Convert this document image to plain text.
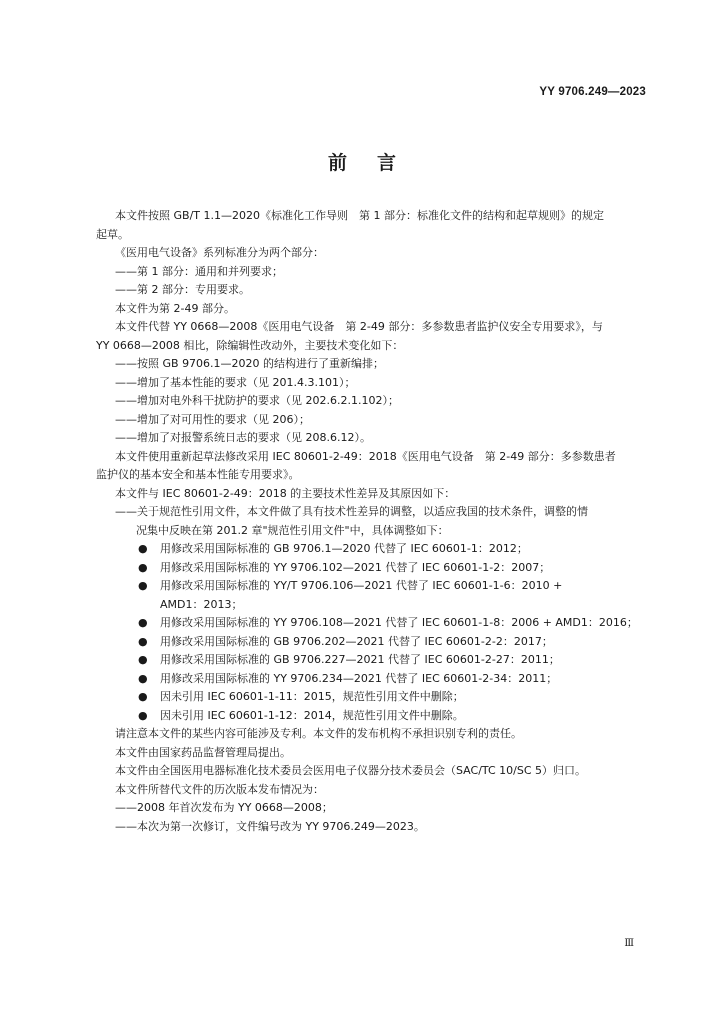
YY 9706.249—2023
前言
本文件按照 GB/T 1.1—2020《标准化工作导则　第 1 部分：标准化文件的结构和起草规则》的规定
起草。
《医用电气设备》系列标准分为两个部分：
——第 1 部分：通用和并列要求；
——第 2 部分：专用要求。
本文件为第 2-49 部分。
本文件代替 YY 0668—2008《医用电气设备　第 2-49 部分：多参数患者监护仪安全专用要求》，与
YY 0668—2008 相比，除编辑性改动外，主要技术变化如下：
——按照 GB 9706.1—2020 的结构进行了重新编排；
——增加了基本性能的要求（见 201.4.3.101）；
——增加对电外科干扰防护的要求（见 202.6.2.1.102）；
——增加了对可用性的要求（见 206）；
——增加了对报警系统日志的要求（见 208.6.12）。
本文件使用重新起草法修改采用 IEC 80601-2-49：2018《医用电气设备　第 2-49 部分：多参数患者
监护仪的基本安全和基本性能专用要求》。
本文件与 IEC 80601-2-49：2018 的主要技术性差异及其原因如下：
——关于规范性引用文件，本文件做了具有技术性差异的调整，以适应我国的技术条件，调整的情
况集中反映在第 201.2 章"规范性引用文件"中，具体调整如下：
● 用修改采用国际标准的 GB 9706.1—2020 代替了 IEC 60601-1：2012；
● 用修改采用国际标准的 YY 9706.102—2021 代替了 IEC 60601-1-2：2007；
● 用修改采用国际标准的 YY/T 9706.106—2021 代替了 IEC 60601-1-6：2010 +
AMD1：2013；
● 用修改采用国际标准的 YY 9706.108—2021 代替了 IEC 60601-1-8：2006 + AMD1：2016；
● 用修改采用国际标准的 GB 9706.202—2021 代替了 IEC 60601-2-2：2017；
● 用修改采用国际标准的 GB 9706.227—2021 代替了 IEC 60601-2-27：2011；
● 用修改采用国际标准的 YY 9706.234—2021 代替了 IEC 60601-2-34：2011；
● 因未引用 IEC 60601-1-11：2015，规范性引用文件中删除；
● 因未引用 IEC 60601-1-12：2014，规范性引用文件中删除。
请注意本文件的某些内容可能涉及专利。本文件的发布机构不承担识别专利的责任。
本文件由国家药品监督管理局提出。
本文件由全国医用电器标准化技术委员会医用电子仪器分技术委员会（SAC/TC 10/SC 5）归口。
本文件所替代文件的历次版本发布情况为：
——2008 年首次发布为 YY 0668—2008；
——本次为第一次修订，文件编号改为 YY 9706.249—2023。
Ⅲ
